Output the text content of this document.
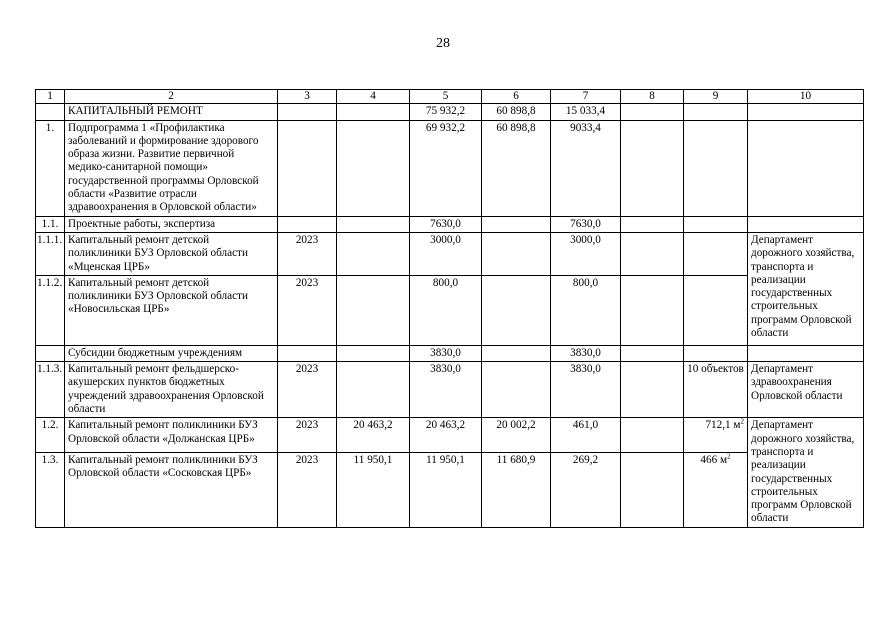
28
1	2	3	4	5	6	7	8	9	10
	КАПИТАЛЬНЫЙ РЕМОНТ			75 932,2	60 898,8	15 033,4			
1.	Подпрограмма 1 «Профилактика заболеваний и формирование здорового образа жизни. Развитие первичной медико-санитарной помощи» государственной программы Орловской области «Развитие отрасли здравоохранения в Орловской области»			69 932,2	60 898,8	9033,4			
1.1.	Проектные работы, экспертиза			7630,0		7630,0			
1.1.1.	Капитальный ремонт детской поликлиники БУЗ Орловской области «Мценская ЦРБ»	2023		3000,0		3000,0			Департамент дорожного хозяйства, транспорта и реализации государственных строительных программ Орловской области
1.1.2.	Капитальный ремонт детской поликлиники БУЗ Орловской области «Новосильская ЦРБ»	2023		800,0		800,0			
	Субсидии бюджетным учреждениям			3830,0		3830,0			
1.1.3.	Капитальный ремонт фельдшерско-акушерских пунктов бюджетных учреждений здравоохранения Орловской области	2023		3830,0		3830,0		10 объектов	Департамент здравоохранения Орловской области
1.2.	Капитальный ремонт поликлиники БУЗ Орловской области «Должанская ЦРБ»	2023	20 463,2	20 463,2	20 002,2	461,0		712,1 $м^2$	Департамент дорожного хозяйства, транспорта и реализации государственных строительных программ Орловской области
1.3.	Капитальный ремонт поликлиники БУЗ Орловской области «Сосковская ЦРБ»	2023	11 950,1	11 950,1	11 680,9	269,2		466 $м^2$
